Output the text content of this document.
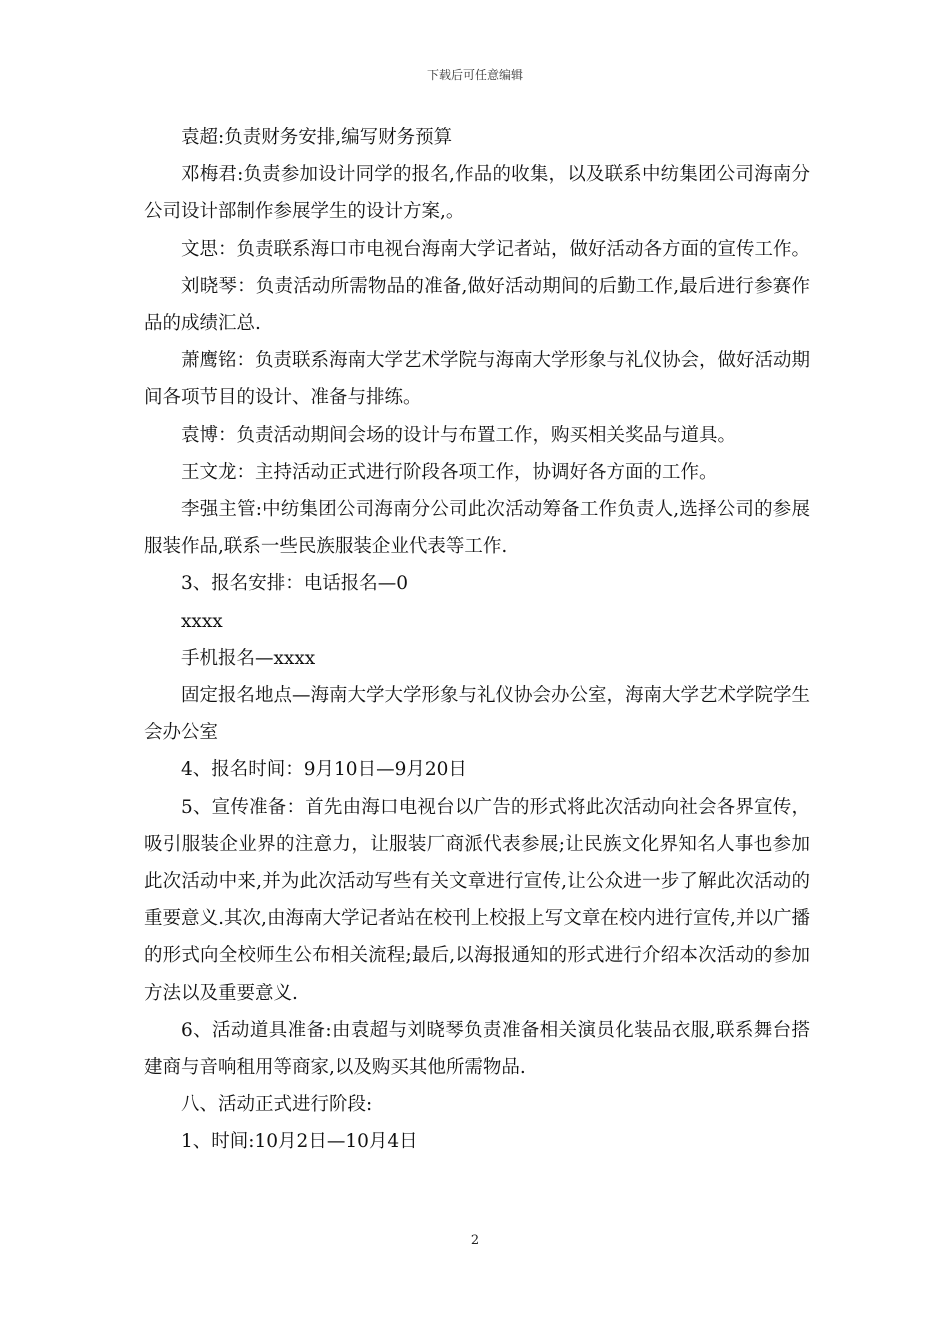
下载后可任意编辑

袁超:负责财务安排,编写财务预算

邓梅君:负责参加设计同学的报名,作品的收集，以及联系中纺集团公司海南分公司设计部制作参展学生的设计方案,。

文思：负责联系海口市电视台海南大学记者站，做好活动各方面的宣传工作。

刘晓琴：负责活动所需物品的准备,做好活动期间的后勤工作,最后进行参赛作品的成绩汇总.

萧鹰铭：负责联系海南大学艺术学院与海南大学形象与礼仪协会，做好活动期间各项节目的设计、准备与排练。

袁博：负责活动期间会场的设计与布置工作，购买相关奖品与道具。

王文龙：主持活动正式进行阶段各项工作，协调好各方面的工作。

李强主管:中纺集团公司海南分公司此次活动筹备工作负责人,选择公司的参展服装作品,联系一些民族服装企业代表等工作.

3、报名安排：电话报名—0

xxxx

手机报名—xxxx

固定报名地点—海南大学大学形象与礼仪协会办公室，海南大学艺术学院学生会办公室

4、报名时间：9月10日—9月20日

5、宣传准备：首先由海口电视台以广告的形式将此次活动向社会各界宣传，吸引服装企业界的注意力，让服装厂商派代表参展;让民族文化界知名人事也参加此次活动中来,并为此次活动写些有关文章进行宣传,让公众进一步了解此次活动的重要意义.其次,由海南大学记者站在校刊上校报上写文章在校内进行宣传,并以广播的形式向全校师生公布相关流程;最后,以海报通知的形式进行介绍本次活动的参加方法以及重要意义.

6、活动道具准备:由袁超与刘晓琴负责准备相关演员化装品衣服,联系舞台搭建商与音响租用等商家,以及购买其他所需物品.

八、活动正式进行阶段:

1、时间:10月2日—10月4日

2
